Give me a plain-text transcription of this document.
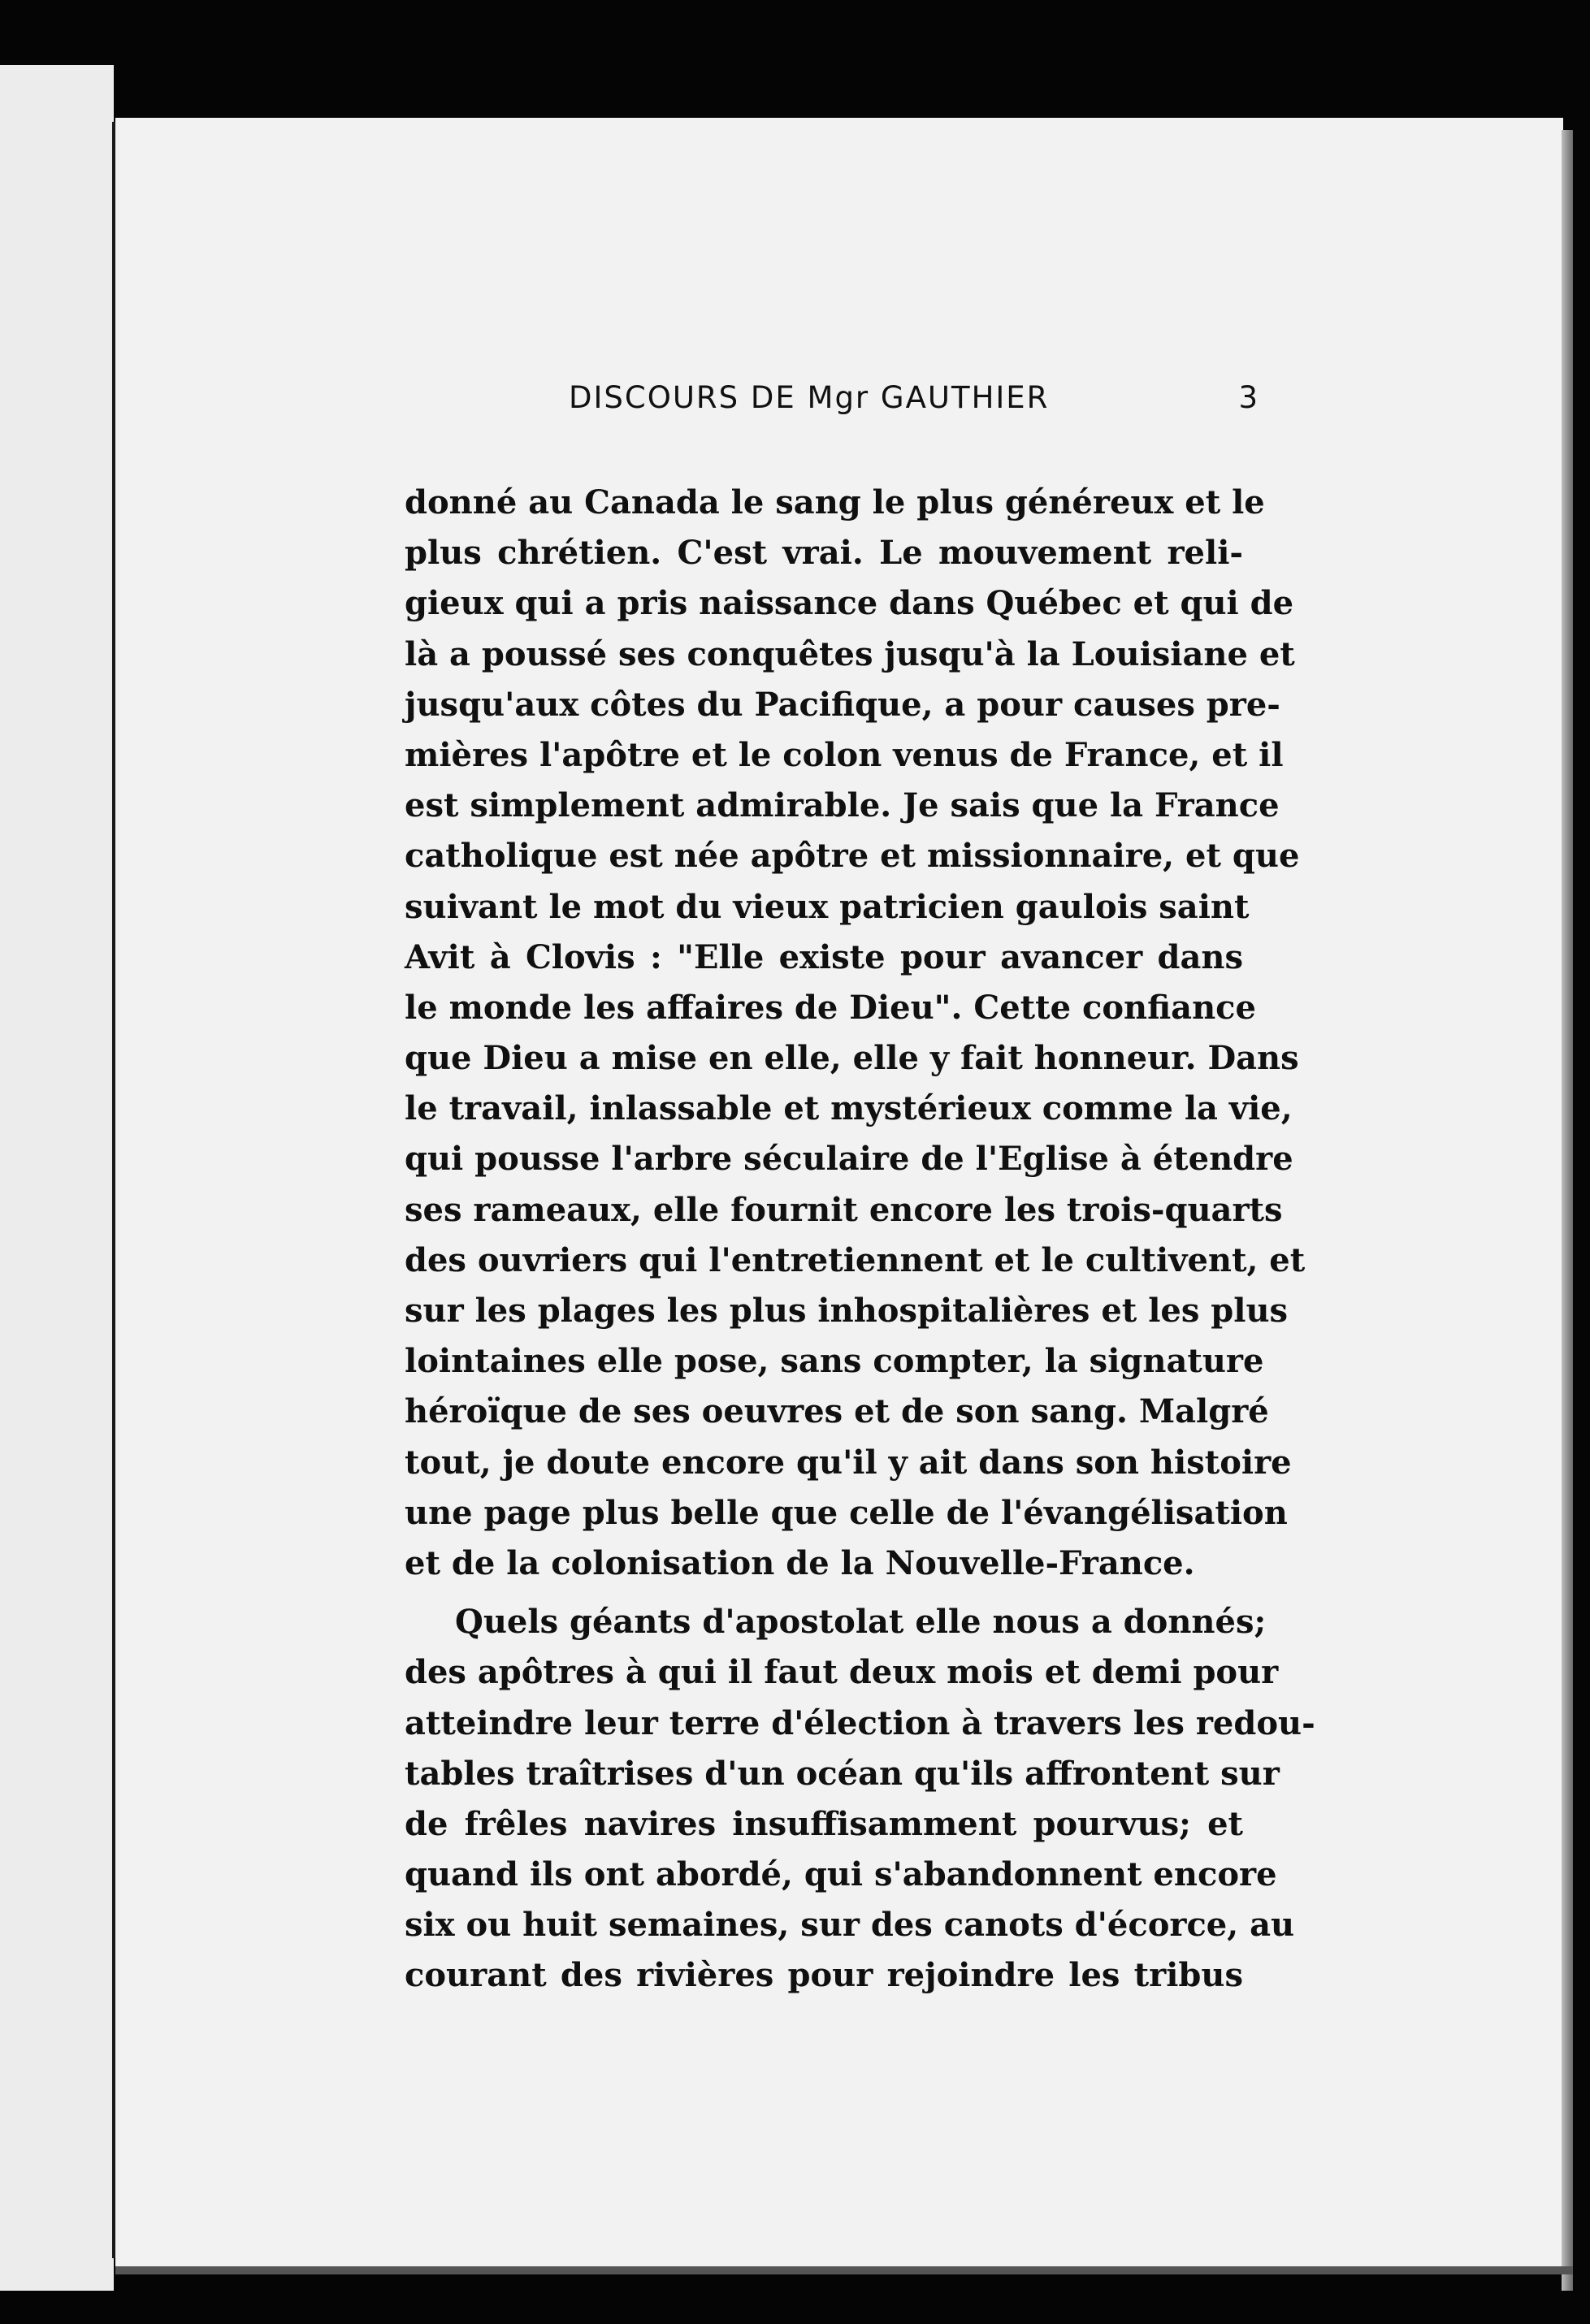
DISCOURS DE Mgr GAUTHIER	3
donné au Canada le sang le plus généreux et le
plus chrétien. C'est vrai. Le mouvement reli-
gieux qui a pris naissance dans Québec et qui de
là a poussé ses conquêtes jusqu'à la Louisiane et
jusqu'aux côtes du Pacifique, a pour causes pre-
mières l'apôtre et le colon venus de France, et il
est simplement admirable. Je sais que la France
catholique est née apôtre et missionnaire, et que
suivant le mot du vieux patricien gaulois saint
Avit à Clovis : "Elle existe pour avancer dans
le monde les affaires de Dieu". Cette confiance
que Dieu a mise en elle, elle y fait honneur. Dans
le travail, inlassable et mystérieux comme la vie,
qui pousse l'arbre séculaire de l'Eglise à étendre
ses rameaux, elle fournit encore les trois-quarts
des ouvriers qui l'entretiennent et le cultivent, et
sur les plages les plus inhospitalières et les plus
lointaines elle pose, sans compter, la signature
héroïque de ses oeuvres et de son sang. Malgré
tout, je doute encore qu'il y ait dans son histoire
une page plus belle que celle de l'évangélisation
et de la colonisation de la Nouvelle-France.
Quels géants d'apostolat elle nous a donnés;
des apôtres à qui il faut deux mois et demi pour
atteindre leur terre d'élection à travers les redou-
tables traîtrises d'un océan qu'ils affrontent sur
de frêles navires insuffisamment pourvus; et
quand ils ont abordé, qui s'abandonnent encore
six ou huit semaines, sur des canots d'écorce, au
courant des rivières pour rejoindre les tribus
